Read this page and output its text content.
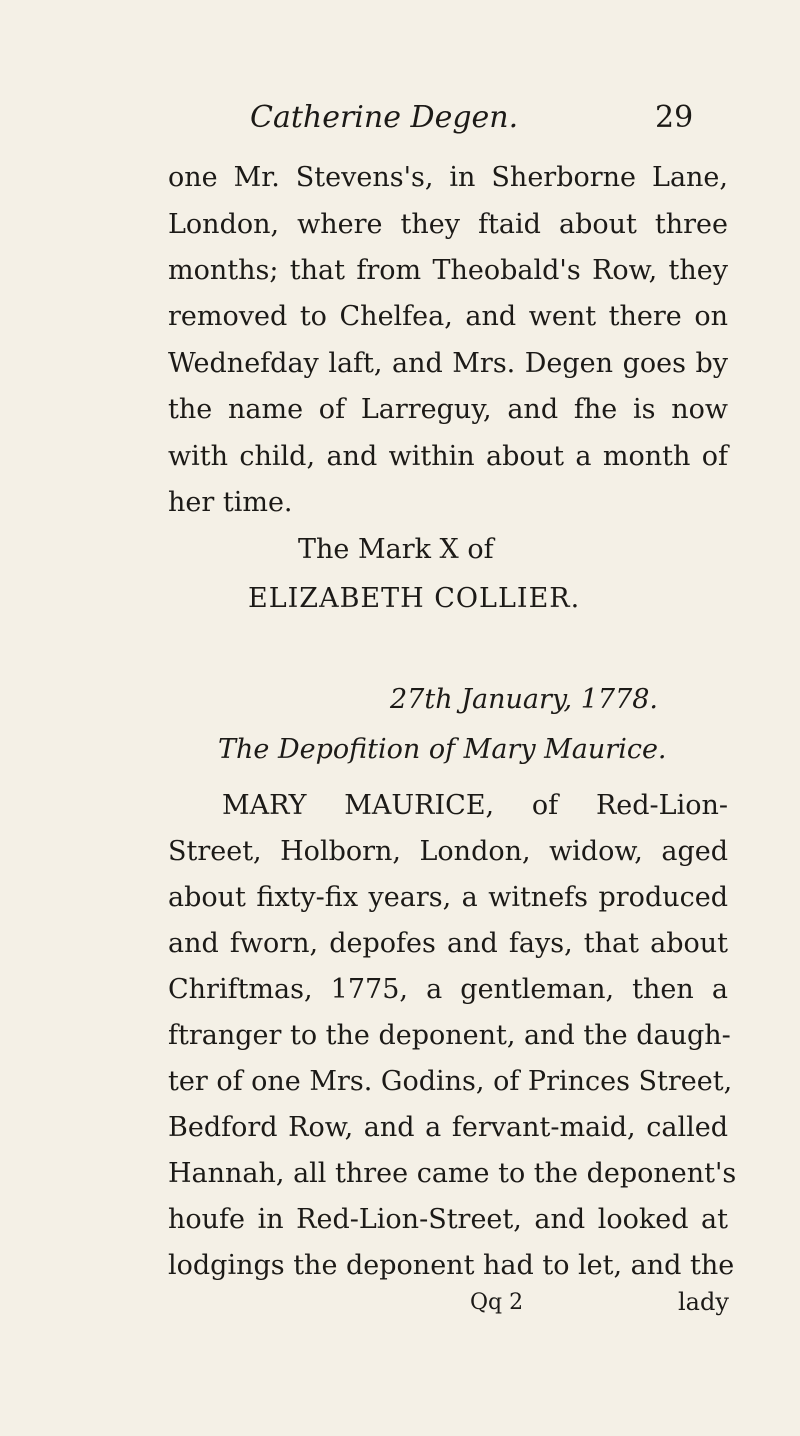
Catherine Degen.	29
one Mr. Stevens's, in Sherborne Lane,
London, where they ftaid about three
months; that from Theobald's Row, they
removed to Chelfea, and went there on
Wednefday laft, and Mrs. Degen goes by
the name of Larreguy, and fhe is now
with child, and within about a month of
her time.
The Mark X of
ELIZABETH COLLIER.
27th January, 1778.
The Depofition of Mary Maurice.
MARY MAURICE, of Red-Lion-
Street, Holborn, London, widow, aged
about fixty-fix years, a witnefs produced
and fworn, depofes and fays, that about
Chriftmas, 1775, a gentleman, then a
ftranger to the deponent, and the daugh-
ter of one Mrs. Godins, of Princes Street,
Bedford Row, and a fervant-maid, called
Hannah, all three came to the deponent's
houfe in Red-Lion-Street, and looked at
lodgings the deponent had to let, and the
Qq 2	lady
